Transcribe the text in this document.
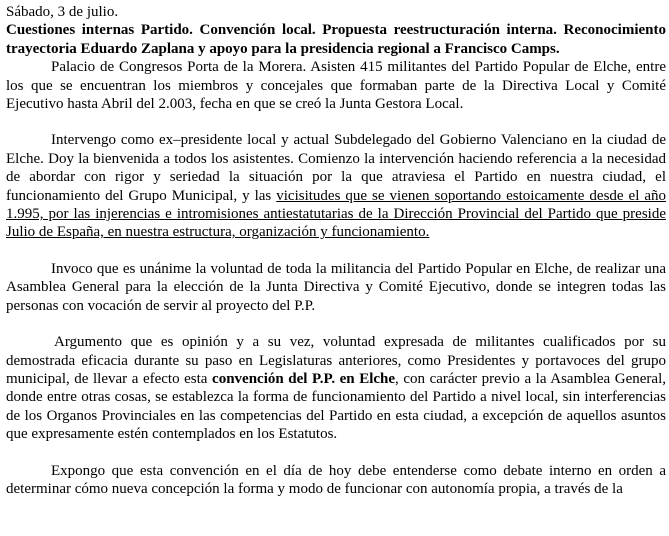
Sábado, 3 de julio.

Cuestiones internas Partido. Convención local. Propuesta reestructuración interna. Reconocimiento trayectoria Eduardo Zaplana y apoyo para la presidencia regional a Francisco Camps.

Palacio de Congresos Porta de la Morera. Asisten 415 militantes del Partido Popular de Elche, entre los que se encuentran los miembros y concejales que formaban parte de la Directiva Local y Comité Ejecutivo hasta Abril del 2.003, fecha en que se creó la Junta Gestora Local.

Intervengo como ex–presidente local y actual Subdelegado del Gobierno Valenciano en la ciudad de Elche. Doy la bienvenida a todos los asistentes. Comienzo la intervención haciendo referencia a la necesidad de abordar con rigor y seriedad la situación por la que atraviesa el Partido en nuestra ciudad, el funcionamiento del Grupo Municipal, y las vicisitudes que se vienen soportando estoicamente desde el año 1.995, por las injerencias e intromisiones antiestatutarias de la Dirección Provincial del Partido que preside Julio de España, en nuestra estructura, organización y funcionamiento.

Invoco que es unánime la voluntad de toda la militancia del Partido Popular en Elche, de realizar una Asamblea General para la elección de la Junta Directiva y Comité Ejecutivo, donde se integren todas las personas con vocación de servir al proyecto del P.P.

Argumento que es opinión y a su vez, voluntad expresada de militantes cualificados por su demostrada eficacia durante su paso en Legislaturas anteriores, como Presidentes y portavoces del grupo municipal, de llevar a efecto esta convención del P.P. en Elche, con carácter previo a la Asamblea General, donde entre otras cosas, se establezca la forma de funcionamiento del Partido a nivel local, sin interferencias de los Organos Provinciales en las competencias del Partido en esta ciudad, a excepción de aquellos asuntos que expresamente estén contemplados en los Estatutos.

Expongo que esta convención en el día de hoy debe entenderse como debate interno en orden a determinar cómo nueva concepción la forma y modo de funcionar con autonomía propia, a través de la
